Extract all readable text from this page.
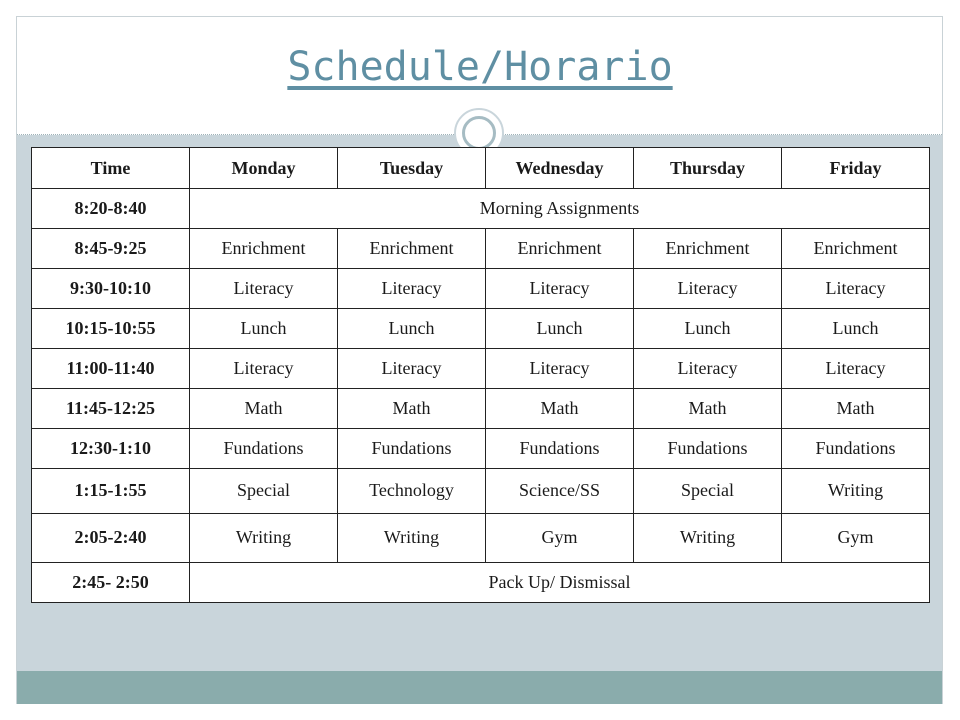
Schedule/Horario
Time	Monday	Tuesday	Wednesday	Thursday	Friday
8:20-8:40	Morning Assignments				
8:45-9:25	Enrichment	Enrichment	Enrichment	Enrichment	Enrichment
9:30-10:10	Literacy	Literacy	Literacy	Literacy	Literacy
10:15-10:55	Lunch	Lunch	Lunch	Lunch	Lunch
11:00-11:40	Literacy	Literacy	Literacy	Literacy	Literacy
11:45-12:25	Math	Math	Math	Math	Math
12:30-1:10	Fundations	Fundations	Fundations	Fundations	Fundations
1:15-1:55	Special	Technology	Science/SS	Special	Writing
2:05-2:40	Writing	Writing	Gym	Writing	Gym
2:45- 2:50	Pack Up/ Dismissal				
